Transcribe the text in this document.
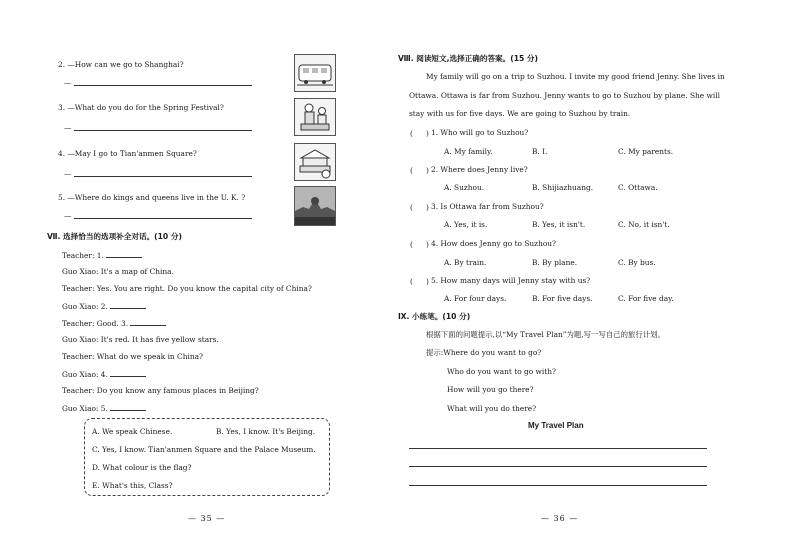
2. —How can we go to Shanghai?
—
3. —What do you do for the Spring Festival?
—
4. —May I go to Tian'anmen Square?
—
5. —Where do kings and queens live in the U. K. ?
—
Ⅶ. 选择恰当的选项补全对话。(10 分)
Teacher: 1.
Guo Xiao: It's a map of China.
Teacher: Yes. You are right. Do you know the capital city of China?
Guo Xiao: 2.
Teacher: Good. 3.
Guo Xiao: It's red. It has five yellow stars.
Teacher: What do we speak in China?
Guo Xiao: 4.
Teacher: Do you know any famous places in Beijing?
Guo Xiao: 5.
A. We speak Chinese.	B. Yes, I know. It's Beijing.
C. Yes, I know. Tian'anmen Square and the Palace Museum.
D. What colour is the flag?
E. What's this, Class?
— 35 —
Ⅷ. 阅读短文,选择正确的答案。(15 分)
My family will go on a trip to Suzhou. I invite my good friend Jenny. She lives in
Ottawa. Ottawa is far from Suzhou. Jenny wants to go to Suzhou by plane. She will
stay with us for five days. We are going to Suzhou by train.
( ) 1. Who will go to Suzhou?
A. My family.	B. I.	C. My parents.
( ) 2. Where does Jenny live?
A. Suzhou.	B. Shijiazhuang.	C. Ottawa.
( ) 3. Is Ottawa far from Suzhou?
A. Yes, it is.	B. Yes, it isn't.	C. No, it isn't.
( ) 4. How does Jenny go to Suzhou?
A. By train.	B. By plane.	C. By bus.
( ) 5. How many days will Jenny stay with us?
A. For four days.	B. For five days.	C. For five day.
Ⅸ. 小练笔。(10 分)
根据下面的问题提示,以“My Travel Plan”为题,写一写自己的旅行计划。
提示:Where do you want to go?
Who do you want to go with?
How will you go there?
What will you do there?
My Travel Plan
— 36 —
